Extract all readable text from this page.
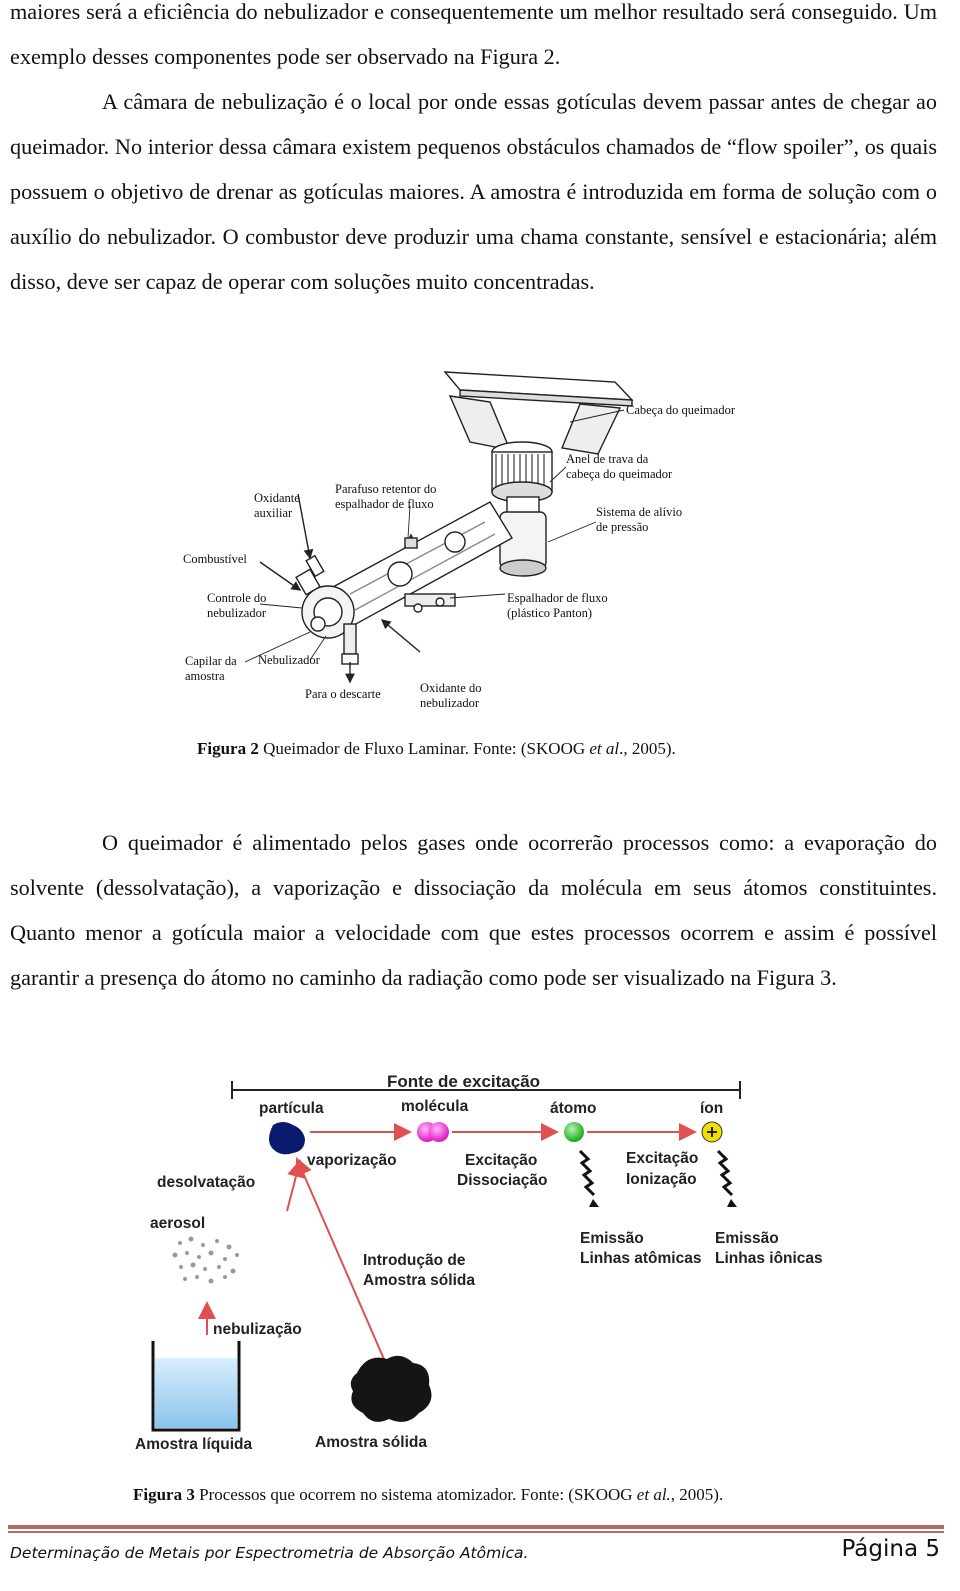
maiores será a eficiência do nebulizador e consequentemente um melhor resultado será conseguido. Um exemplo desses componentes pode ser observado na Figura 2.

A câmara de nebulização é o local por onde essas gotículas devem passar antes de chegar ao queimador. No interior dessa câmara existem pequenos obstáculos chamados de “flow spoiler”, os quais possuem o objetivo de drenar as gotículas maiores. A amostra é introduzida em forma de solução com o auxílio do nebulizador. O combustor deve produzir uma chama constante, sensível e estacionária; além disso, deve ser capaz de operar com soluções muito concentradas.

Cabeça do queimador
Anel de trava da
cabeça do queimador
Sistema de alívio
de pressão
Parafuso retentor do
espalhador de fluxo
Oxidante
auxiliar
Combustível
Controle do
nebulizador
Espalhador de fluxo
(plástico Panton)
Capilar da
amostra
Nebulizador
Para o descarte	Oxidante do
nebulizador
Figura 2 Queimador de Fluxo Laminar. Fonte: (SKOOG et al., 2005).

O queimador é alimentado pelos gases onde ocorrerão processos como: a evaporação do solvente (dessolvatação), a vaporização e dissociação da molécula em seus átomos constituintes. Quanto menor a gotícula maior a velocidade com que estes processos ocorrem e assim é possível garantir a presença do átomo no caminho da radiação como pode ser visualizado na Figura 3.

Fonte de excitação
partícula	molécula	átomo	íon
desolvatação
vaporização	Excitação
Dissociação
Excitação
Ionização
Emissão
Linhas atômicas
Emissão
Linhas iônicas
aerosol
Introdução de
Amostra sólida
nebulização
Amostra líquida	Amostra sólida
Figura 3 Processos que ocorrem no sistema atomizador. Fonte: (SKOOG et al., 2005).
Determinação de Metais por Espectrometria de Absorção Atômica.	Página 5
